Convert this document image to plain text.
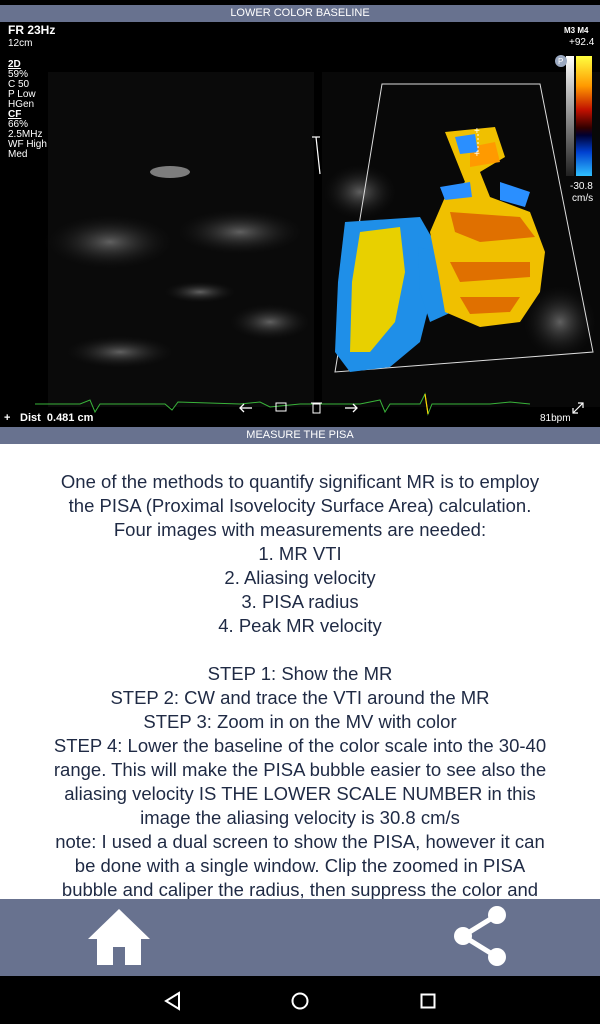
LOWER COLOR BASELINE
+
+
FR 23Hz
12cm
2D
59%
C 50
P Low
HGen
CF
66%
2.5MHz
WF High
Med
M3 M4
+92.4
P
-30.8
cm/s
+ Dist  0.481 cm	81bpm
MEASURE THE PISA
One of the methods to quantify significant MR is to employ
the PISA (Proximal Isovelocity Surface Area) calculation.
Four images with measurements are needed:
1. MR VTI
2. Aliasing velocity
3. PISA radius
4. Peak MR velocity
STEP 1: Show the MR
STEP 2: CW and trace the VTI around the MR
STEP 3: Zoom in on the MV with color
STEP 4: Lower the baseline of the color scale into the 30-40
range. This will make the PISA bubble easier to see also the
aliasing velocity IS THE LOWER SCALE NUMBER in this
image the aliasing velocity is 30.8 cm/s
note: I used a dual screen to show the PISA, however it can
be done with a single window. Clip the zoomed in PISA
bubble and caliper the radius, then suppress the color and
